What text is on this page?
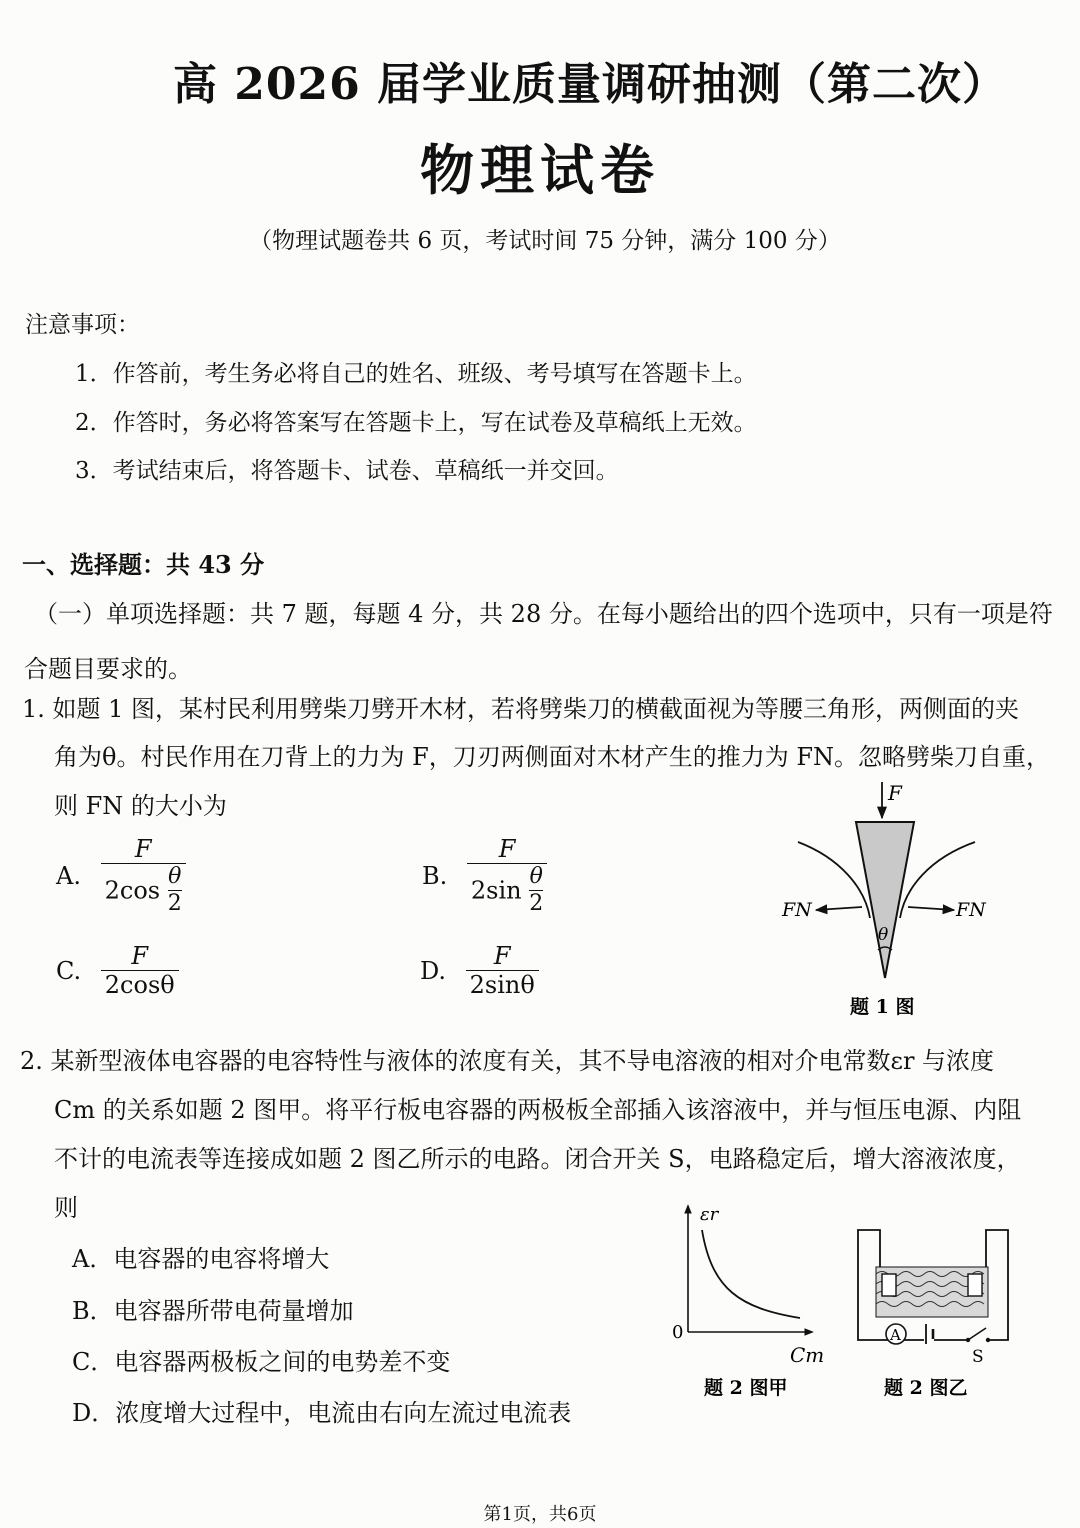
高 2026 届学业质量调研抽测（第二次）
物理试卷
（物理试题卷共 6 页，考试时间 75 分钟，满分 100 分）
注意事项：
1．作答前，考生务必将自己的姓名、班级、考号填写在答题卡上。
2．作答时，务必将答案写在答题卡上，写在试卷及草稿纸上无效。
3．考试结束后，将答题卡、试卷、草稿纸一并交回。
一、选择题：共 43 分
（一）单项选择题：共 7 题，每题 4 分，共 28 分。在每小题给出的四个选项中，只有一项是符
合题目要求的。
1. 如题 1 图，某村民利用劈柴刀劈开木材，若将劈柴刀的横截面视为等腰三角形，两侧面的夹
角为θ。村民作用在刀背上的力为 F，刀刃两侧面对木材产生的推力为 FN。忽略劈柴刀自重，
则 FN 的大小为
A. $\frac{F}{2\cos \frac{\theta}{2}}$	B. $\frac{F}{2\sin \frac{\theta}{2}}$
C. $\frac{F}{2\cos\theta}$	D. $\frac{F}{2\sin\theta}$
F
FN	FN
θ
题 1 图
2. 某新型液体电容器的电容特性与液体的浓度有关，其不导电溶液的相对介电常数εr 与浓度
Cm 的关系如题 2 图甲。将平行板电容器的两极板全部插入该溶液中，并与恒压电源、内阻
不计的电流表等连接成如题 2 图乙所示的电路。闭合开关 S，电路稳定后，增大溶液浓度，
则
A．电容器的电容将增大
B．电容器所带电荷量增加
C．电容器两极板之间的电势差不变
D．浓度增大过程中，电流由右向左流过电流表
εr
0
Cm
题 2 图甲
A
S
题 2 图乙
第1页，共6页
